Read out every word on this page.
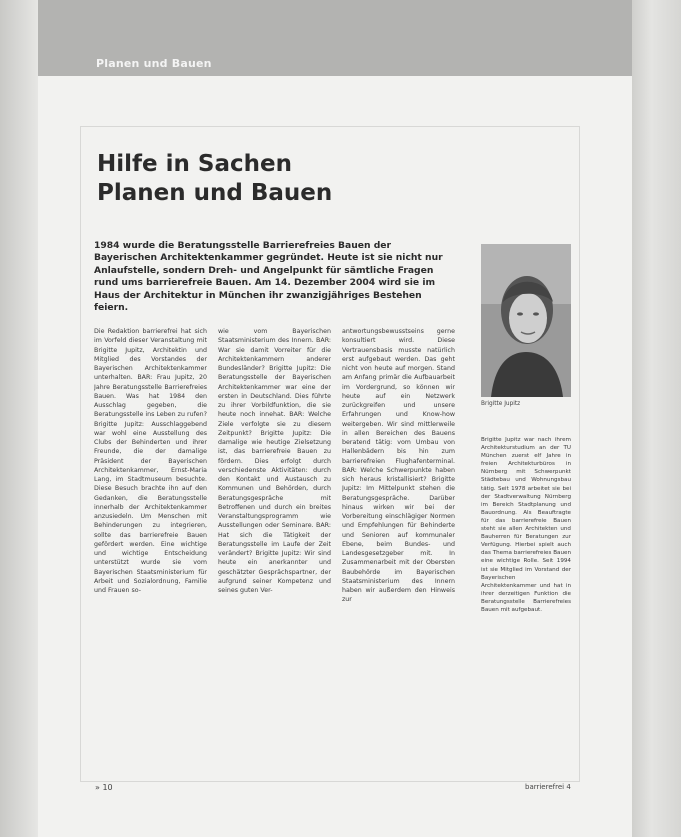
Planen und Bauen
Hilfe in Sachen
Planen und Bauen

1984 wurde die Beratungsstelle Barrierefreies Bauen der Bayerischen Architektenkammer gegründet. Heute ist sie nicht nur Anlaufstelle, sondern Dreh- und Angelpunkt für sämtliche Fragen rund ums barrierefreie Bauen. Am 14. Dezember 2004 wird sie im Haus der Architektur in München ihr zwanzigjähriges Bestehen feiern.

Brigitte Jupitz

Die Redaktion barrierefrei hat sich im Vorfeld dieser Veranstaltung mit Brigitte Jupitz, Architektin und Mitglied des Vorstandes der Bayerischen Architektenkammer unterhalten. BAR: Frau Jupitz, 20 Jahre Beratungsstelle Barrierefreies Bauen. Was hat 1984 den Ausschlag gegeben, die Beratungsstelle ins Leben zu rufen? Brigitte Jupitz: Ausschlaggebend war wohl eine Ausstellung des Clubs der Behinderten und ihrer Freunde, die der damalige Präsident der Bayerischen Architektenkammer, Ernst-Maria Lang, im Stadtmuseum besuchte. Diese Besuch brachte ihn auf den Gedanken, die Beratungsstelle innerhalb der Architektenkammer anzusiedeln. Um Menschen mit Behinderungen zu integrieren, sollte das barrierefreie Bauen gefördert werden. Eine wichtige und wichtige Entscheidung unterstützt wurde sie vom Bayerischen Staatsministerium für Arbeit und Sozialordnung, Familie und Frauen so-

wie vom Bayerischen Staatsministerium des Innern. BAR: War sie damit Vorreiter für die Architektenkammern anderer Bundesländer? Brigitte Jupitz: Die Beratungsstelle der Bayerischen Architektenkammer war eine der ersten in Deutschland. Dies führte zu ihrer Vorbildfunktion, die sie heute noch innehat. BAR: Welche Ziele verfolgte sie zu diesem Zeitpunkt? Brigitte Jupitz: Die damalige wie heutige Zielsetzung ist, das barrierefreie Bauen zu fördern. Dies erfolgt durch verschiedenste Aktivitäten: durch den Kontakt und Austausch zu Kommunen und Behörden, durch Beratungsgespräche mit Betroffenen und durch ein breites Veranstaltungsprogramm wie Ausstellungen oder Seminare. BAR: Hat sich die Tätigkeit der Beratungsstelle im Laufe der Zeit verändert? Brigitte Jupitz: Wir sind heute ein anerkannter und geschätzter Gesprächspartner, der aufgrund seiner Kompetenz und seines guten Ver-

antwortungsbewusstseins gerne konsultiert wird. Diese Vertrauensbasis musste natürlich erst aufgebaut werden. Das geht nicht von heute auf morgen. Stand am Anfang primär die Aufbauarbeit im Vordergrund, so können wir heute auf ein Netzwerk zurückgreifen und unsere Erfahrungen und Know-how weitergeben. Wir sind mittlerweile in allen Bereichen des Bauens beratend tätig: vom Umbau von Hallenbädern bis hin zum barrierefreien Flughafenterminal. BAR: Welche Schwerpunkte haben sich heraus kristallisiert? Brigitte Jupitz: Im Mittelpunkt stehen die Beratungsgespräche. Darüber hinaus wirken wir bei der Vorbereitung einschlägiger Normen und Empfehlungen für Behinderte und Senioren auf kommunaler Ebene, beim Bundes- und Landesgesetzgeber mit. In Zusammenarbeit mit der Obersten Baubehörde im Bayerischen Staatsministerium des Innern haben wir außerdem den Hinweis zur

Brigitte Jupitz war nach ihrem Architekturstudium an der TU München zuerst elf Jahre in freien Architekturbüros in Nürnberg mit Schwerpunkt Städtebau und Wohnungsbau tätig. Seit 1978 arbeitet sie bei der Stadtverwaltung Nürnberg im Bereich Stadtplanung und Bauordnung. Als Beauftragte für das barrierefreie Bauen steht sie allen Architekten und Bauherren für Beratungen zur Verfügung. Hierbei spielt auch das Thema barrierefreies Bauen eine wichtige Rolle. Seit 1994 ist sie Mitglied im Vorstand der Bayerischen Architektenkammer und hat in ihrer derzeitigen Funktion die Beratungsstelle Barrierefreies Bauen mit aufgebaut.

» 10	barrierefrei 4
